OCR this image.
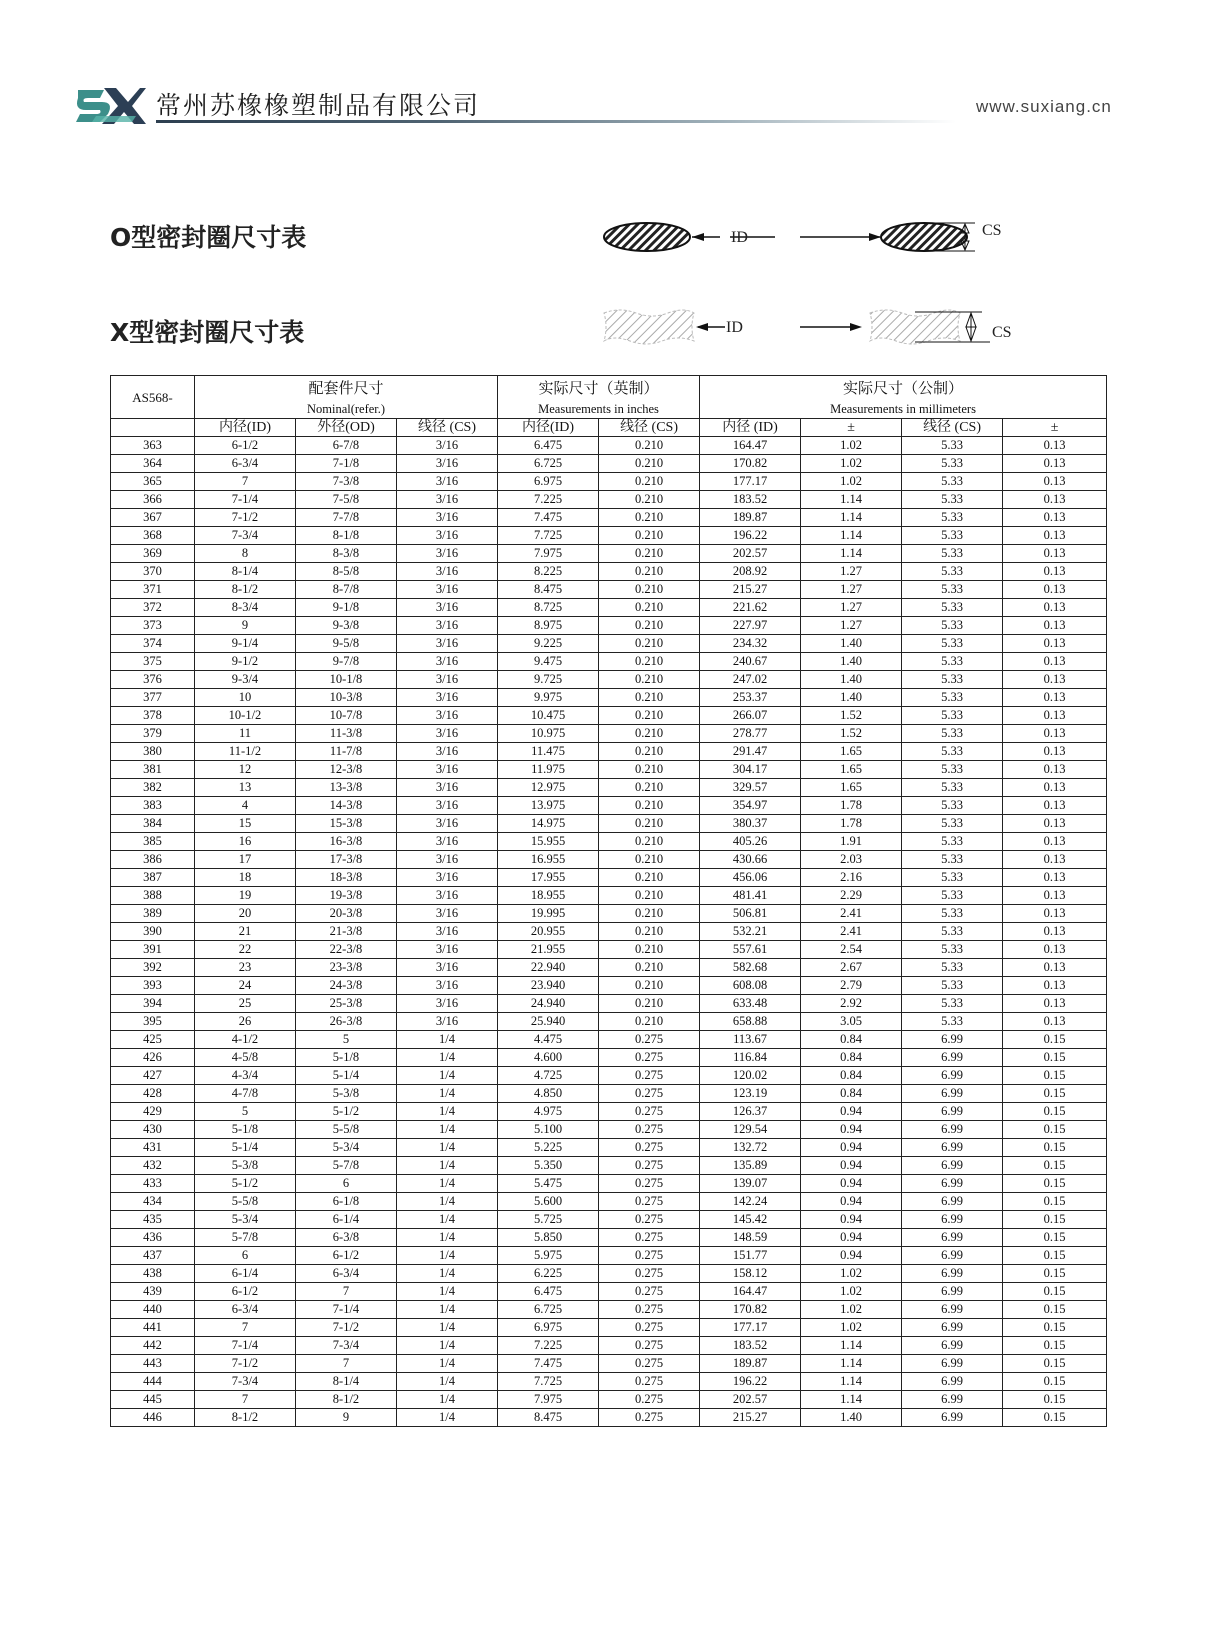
常州苏橡橡塑制品有限公司	www.suxiang.cn
O型密封圈尺寸表
X型密封圈尺寸表
ID	CS
ID	CS
AS568-	配套件尺寸			实际尺寸（英制）		实际尺寸（公制）			
	Nominal(refer.)			Measurements in inches		Measurements in millimeters			
	内径(ID)	外径(OD)	线径 (CS)	内径(ID)	线径 (CS)	内径 (ID)	±	线径 (CS)	±
363	6-1/2	6-7/8	3/16	6.475	0.210	164.47	1.02	5.33	0.13
364	6-3/4	7-1/8	3/16	6.725	0.210	170.82	1.02	5.33	0.13
365	7	7-3/8	3/16	6.975	0.210	177.17	1.02	5.33	0.13
366	7-1/4	7-5/8	3/16	7.225	0.210	183.52	1.14	5.33	0.13
367	7-1/2	7-7/8	3/16	7.475	0.210	189.87	1.14	5.33	0.13
368	7-3/4	8-1/8	3/16	7.725	0.210	196.22	1.14	5.33	0.13
369	8	8-3/8	3/16	7.975	0.210	202.57	1.14	5.33	0.13
370	8-1/4	8-5/8	3/16	8.225	0.210	208.92	1.27	5.33	0.13
371	8-1/2	8-7/8	3/16	8.475	0.210	215.27	1.27	5.33	0.13
372	8-3/4	9-1/8	3/16	8.725	0.210	221.62	1.27	5.33	0.13
373	9	9-3/8	3/16	8.975	0.210	227.97	1.27	5.33	0.13
374	9-1/4	9-5/8	3/16	9.225	0.210	234.32	1.40	5.33	0.13
375	9-1/2	9-7/8	3/16	9.475	0.210	240.67	1.40	5.33	0.13
376	9-3/4	10-1/8	3/16	9.725	0.210	247.02	1.40	5.33	0.13
377	10	10-3/8	3/16	9.975	0.210	253.37	1.40	5.33	0.13
378	10-1/2	10-7/8	3/16	10.475	0.210	266.07	1.52	5.33	0.13
379	11	11-3/8	3/16	10.975	0.210	278.77	1.52	5.33	0.13
380	11-1/2	11-7/8	3/16	11.475	0.210	291.47	1.65	5.33	0.13
381	12	12-3/8	3/16	11.975	0.210	304.17	1.65	5.33	0.13
382	13	13-3/8	3/16	12.975	0.210	329.57	1.65	5.33	0.13
383	4	14-3/8	3/16	13.975	0.210	354.97	1.78	5.33	0.13
384	15	15-3/8	3/16	14.975	0.210	380.37	1.78	5.33	0.13
385	16	16-3/8	3/16	15.955	0.210	405.26	1.91	5.33	0.13
386	17	17-3/8	3/16	16.955	0.210	430.66	2.03	5.33	0.13
387	18	18-3/8	3/16	17.955	0.210	456.06	2.16	5.33	0.13
388	19	19-3/8	3/16	18.955	0.210	481.41	2.29	5.33	0.13
389	20	20-3/8	3/16	19.995	0.210	506.81	2.41	5.33	0.13
390	21	21-3/8	3/16	20.955	0.210	532.21	2.41	5.33	0.13
391	22	22-3/8	3/16	21.955	0.210	557.61	2.54	5.33	0.13
392	23	23-3/8	3/16	22.940	0.210	582.68	2.67	5.33	0.13
393	24	24-3/8	3/16	23.940	0.210	608.08	2.79	5.33	0.13
394	25	25-3/8	3/16	24.940	0.210	633.48	2.92	5.33	0.13
395	26	26-3/8	3/16	25.940	0.210	658.88	3.05	5.33	0.13
425	4-1/2	5	1/4	4.475	0.275	113.67	0.84	6.99	0.15
426	4-5/8	5-1/8	1/4	4.600	0.275	116.84	0.84	6.99	0.15
427	4-3/4	5-1/4	1/4	4.725	0.275	120.02	0.84	6.99	0.15
428	4-7/8	5-3/8	1/4	4.850	0.275	123.19	0.84	6.99	0.15
429	5	5-1/2	1/4	4.975	0.275	126.37	0.94	6.99	0.15
430	5-1/8	5-5/8	1/4	5.100	0.275	129.54	0.94	6.99	0.15
431	5-1/4	5-3/4	1/4	5.225	0.275	132.72	0.94	6.99	0.15
432	5-3/8	5-7/8	1/4	5.350	0.275	135.89	0.94	6.99	0.15
433	5-1/2	6	1/4	5.475	0.275	139.07	0.94	6.99	0.15
434	5-5/8	6-1/8	1/4	5.600	0.275	142.24	0.94	6.99	0.15
435	5-3/4	6-1/4	1/4	5.725	0.275	145.42	0.94	6.99	0.15
436	5-7/8	6-3/8	1/4	5.850	0.275	148.59	0.94	6.99	0.15
437	6	6-1/2	1/4	5.975	0.275	151.77	0.94	6.99	0.15
438	6-1/4	6-3/4	1/4	6.225	0.275	158.12	1.02	6.99	0.15
439	6-1/2	7	1/4	6.475	0.275	164.47	1.02	6.99	0.15
440	6-3/4	7-1/4	1/4	6.725	0.275	170.82	1.02	6.99	0.15
441	7	7-1/2	1/4	6.975	0.275	177.17	1.02	6.99	0.15
442	7-1/4	7-3/4	1/4	7.225	0.275	183.52	1.14	6.99	0.15
443	7-1/2	7	1/4	7.475	0.275	189.87	1.14	6.99	0.15
444	7-3/4	8-1/4	1/4	7.725	0.275	196.22	1.14	6.99	0.15
445	7	8-1/2	1/4	7.975	0.275	202.57	1.14	6.99	0.15
446	8-1/2	9	1/4	8.475	0.275	215.27	1.40	6.99	0.15
